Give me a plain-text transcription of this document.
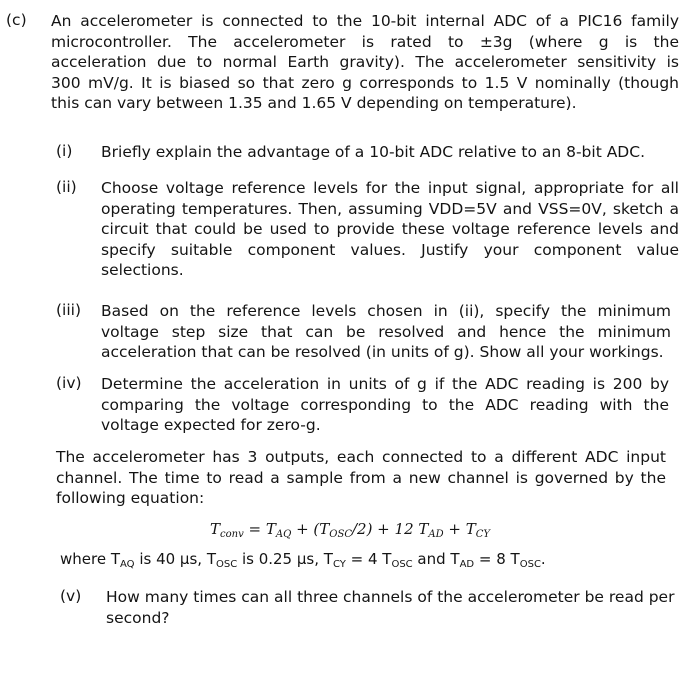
(c) An accelerometer is connected to the 10-bit internal ADC of a PIC16 family
microcontroller. The accelerometer is rated to ±3g (where g is the
acceleration due to normal Earth gravity). The accelerometer sensitivity is
300 mV/g. It is biased so that zero g corresponds to 1.5 V nominally (though
this can vary between 1.35 and 1.65 V depending on temperature).
(i) Briefly explain the advantage of a 10-bit ADC relative to an 8-bit ADC.
(ii) Choose voltage reference levels for the input signal, appropriate for all
operating temperatures. Then, assuming VDD=5V and VSS=0V, sketch a
circuit that could be used to provide these voltage reference levels and
specify suitable component values. Justify your component value
selections.
(iii) Based on the reference levels chosen in (ii), specify the minimum
voltage step size that can be resolved and hence the minimum
acceleration that can be resolved (in units of g). Show all your workings.
(iv) Determine the acceleration in units of g if the ADC reading is 200 by
comparing the voltage corresponding to the ADC reading with the
voltage expected for zero-g.
The accelerometer has 3 outputs, each connected to a different ADC input
channel. The time to read a sample from a new channel is governed by the
following equation:
$T_{conv} = T_{AQ} + (T_{OSC}/2) + 12$ $T_{AD} + T_{CY}$
where $T_{AQ}$ is 40 µs, $T_{OSC}$ is 0.25 µs, $T_{CY} = 4$ $T_{OSC}$ and $T_{AD} = 8$ $T_{OSC}$.
(v) How many times can all three channels of the accelerometer be read per
second?
